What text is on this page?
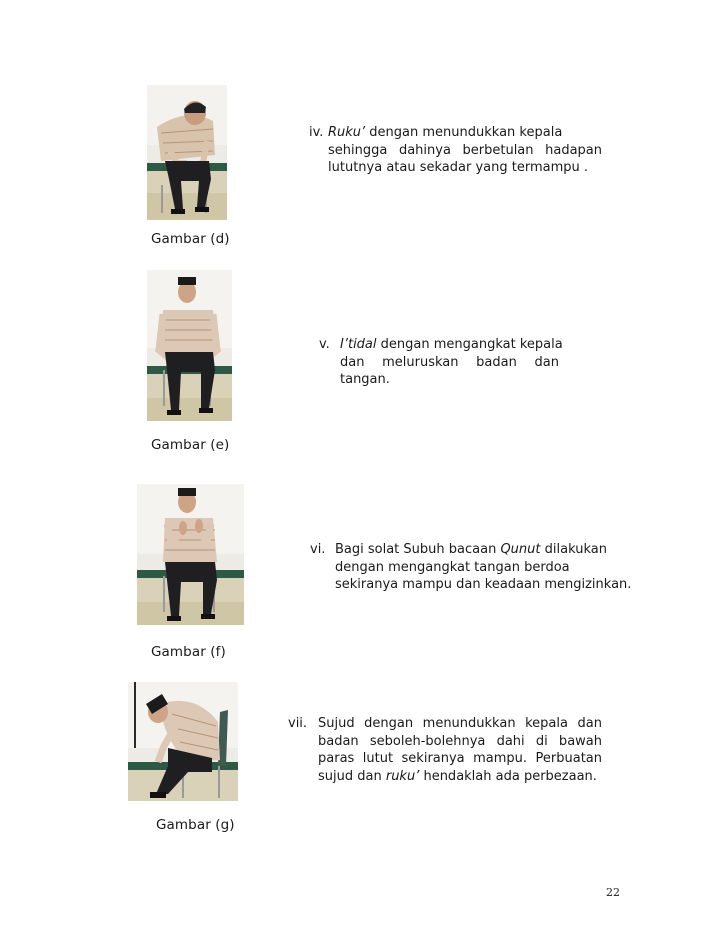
Gambar (d)
iv. Ruku’ dengan menundukkan kepala
sehingga dahinya berbetulan hadapan
lututnya atau sekadar yang termampu .
Gambar (e)
v. I’tidal dengan mengangkat kepala
dan meluruskan badan dan
tangan.
Gambar (f)
vi. Bagi solat Subuh bacaan Qunut dilakukan
dengan mengangkat tangan berdoa
sekiranya mampu dan keadaan mengizinkan.
Gambar (g)
vii. Sujud dengan menundukkan kepala dan
badan seboleh-bolehnya dahi di bawah
paras lutut sekiranya mampu. Perbuatan
sujud dan ruku’ hendaklah ada perbezaan.
22
